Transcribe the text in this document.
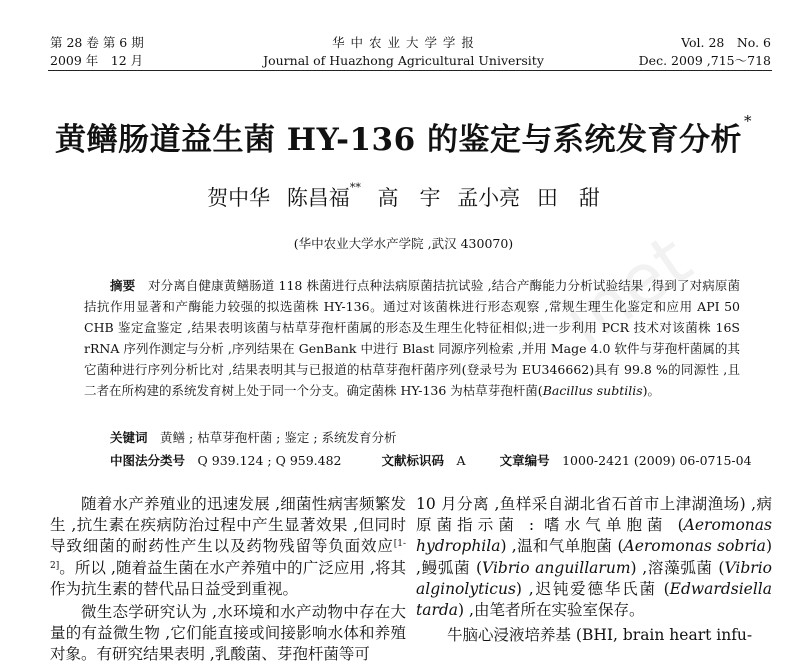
第 28 卷 第 6 期
2009 年　12 月
华 中 农 业 大 学 学 报
Journal of Huazhong Agricultural University
Vol. 28　No. 6
Dec. 2009 ,715～718
黄鳝肠道益生菌 HY-136 的鉴定与系统发育分析*
贺中华 陈昌福** 高　宇 孟小亮 田　甜
(华中农业大学水产学院 ,武汉 430070) inet

摘要　 对分离自健康黄鳝肠道 118 株菌进行点种法病原菌拮抗试验 ,结合产酶能力分析试验结果 ,得到了对病原菌拮抗作用显著和产酶能力较强的拟选菌株 HY-136。通过对该菌株进行形态观察 ,常规生理生化鉴定和应用 API 50 CHB 鉴定盒鉴定 ,结果表明该菌与枯草芽孢杆菌属的形态及生理生化特征相似;进一步利用 PCR 技术对该菌株 16S rRNA 序列作测定与分析 ,序列结果在 GenBank 中进行 Blast 同源序列检索 ,并用 Mage 4.0 软件与芽孢杆菌属的其它菌种进行序列分析比对 ,结果表明其与已报道的枯草芽孢杆菌序列(登录号为 EU346662)具有 99.8 %的同源性 ,且二者在所构建的系统发育树上处于同一个分支。确定菌株 HY-136 为枯草芽孢杆菌(Bacillus subtilis)。

关键词　 黄鳝 ; 枯草芽孢杆菌 ; 鉴定 ; 系统发育分析
中图法分类号　 Q 939.124 ; Q 959.482	文献标识码　 A	文章编号　 1000-2421 (2009) 06-0715-04

随着水产养殖业的迅速发展 ,细菌性病害频繁发生 ,抗生素在疾病防治过程中产生显著效果 ,但同时导致细菌的耐药性产生以及药物残留等负面效应[1-2]。所以 ,随着益生菌在水产养殖中的广泛应用 ,将其作为抗生素的替代品日益受到重视。

微生态学研究认为 ,水环境和水产动物中存在大量的有益微生物 ,它们能直接或间接影响水体和养殖对象。有研究结果表明 ,乳酸菌、芽孢杆菌等可

10 月分离 ,鱼样采自湖北省石首市上津湖渔场) ,病原菌指示菌 : 嗜水气单胞菌 (Aeromonas hydrophila) ,温和气单胞菌 (Aeromonas sobria) ,鳗弧菌 (Vibrio anguillarum) ,溶藻弧菌 (Vibrio alginolyticus) ,迟钝爱德华氏菌 (Edwardsiella tarda) ,由笔者所在实验室保存。

牛脑心浸液培养基 (BHI, brain heart infu-
